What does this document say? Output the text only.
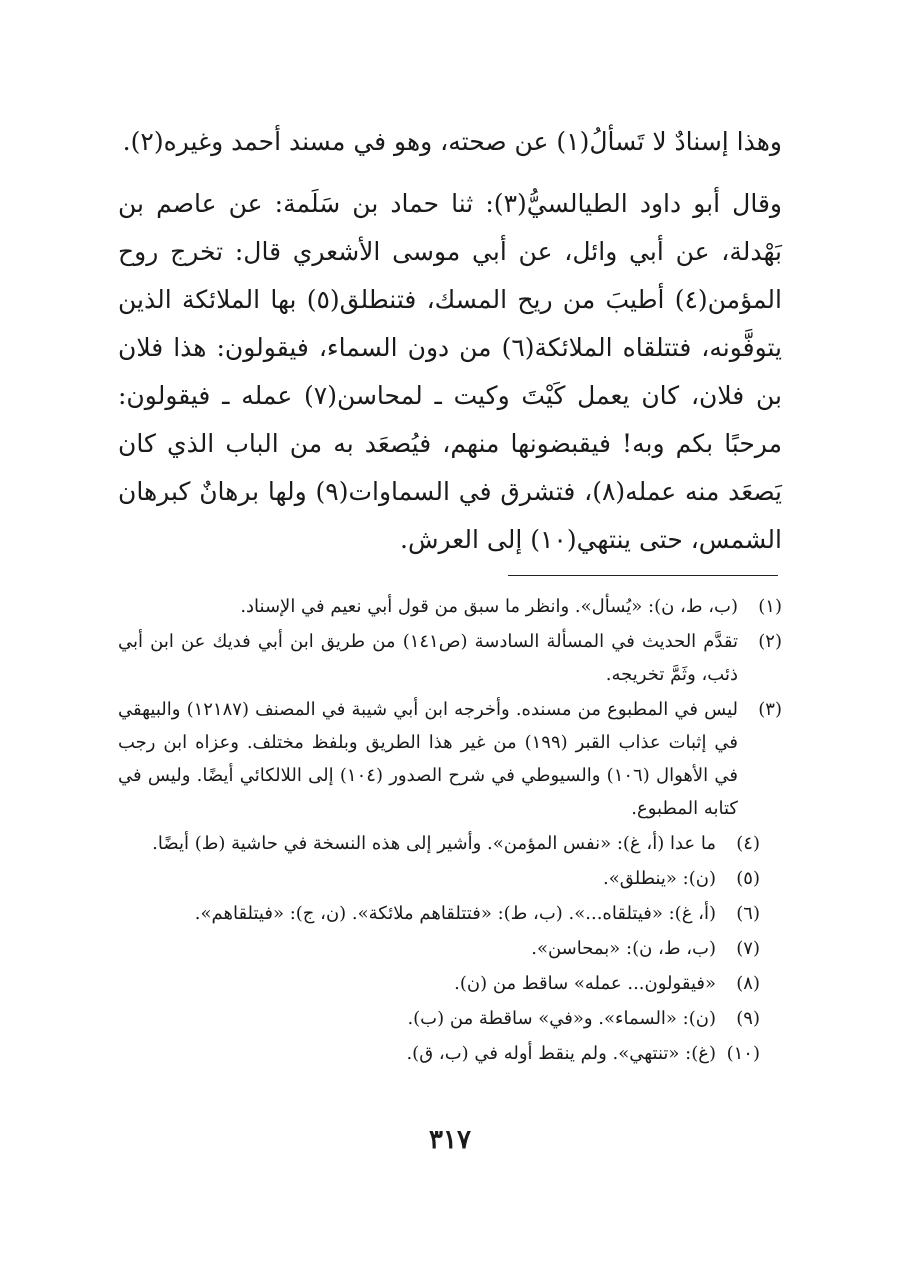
وهذا إسنادٌ لا تَسألُ(١) عن صحته، وهو في مسند أحمد وغيره(٢).

وقال أبو داود الطيالسيُّ(٣): ثنا حماد بن سَلَمة: عن عاصم بن بَهْدلة، عن أبي وائل، عن أبي موسى الأشعري قال: تخرج روح المؤمن(٤) أطيبَ من ريح المسك، فتنطلق(٥) بها الملائكة الذين يتوفَّونه، فتتلقاه الملائكة(٦) من دون السماء، فيقولون: هذا فلان بن فلان، كان يعمل كَيْتَ وكيت ـ لمحاسن(٧) عمله ـ فيقولون: مرحبًا بكم وبه! فيقبضونها منهم، فيُصعَد به من الباب الذي كان يَصعَد منه عمله(٨)، فتشرق في السماوات(٩) ولها برهانٌ كبرهان الشمس، حتى ينتهي(١٠) إلى العرش.

(١)
(ب، ط، ن): «يُسأل». وانظر ما سبق من قول أبي نعيم في الإسناد.
(٢)
تقدَّم الحديث في المسألة السادسة (ص١٤١) من طريق ابن أبي فديك عن ابن أبي ذئب، وثَمَّ تخريجه.
(٣)
ليس في المطبوع من مسنده. وأخرجه ابن أبي شيبة في المصنف (١٢١٨٧) والبيهقي في إثبات عذاب القبر (١٩٩) من غير هذا الطريق وبلفظ مختلف. وعزاه ابن رجب في الأهوال (١٠٦) والسيوطي في شرح الصدور (١٠٤) إلى اللالكائي أيضًا. وليس في كتابه المطبوع.
(٤)
ما عدا (أ، غ): «نفس المؤمن». وأشير إلى هذه النسخة في حاشية (ط) أيضًا.
(٥)
(ن): «ينطلق».
(٦)
(أ، غ): «فيتلقاه...». (ب، ط): «فتتلقاهم ملائكة». (ن، ج): «فيتلقاهم».
(٧)
(ب، ط، ن): «بمحاسن».
(٨)
«فيقولون... عمله» ساقط من (ن).
(٩)
(ن): «السماء». و«في» ساقطة من (ب).
(١٠)
(غ): «تنتهي». ولم ينقط أوله في (ب، ق).
٣١٧
